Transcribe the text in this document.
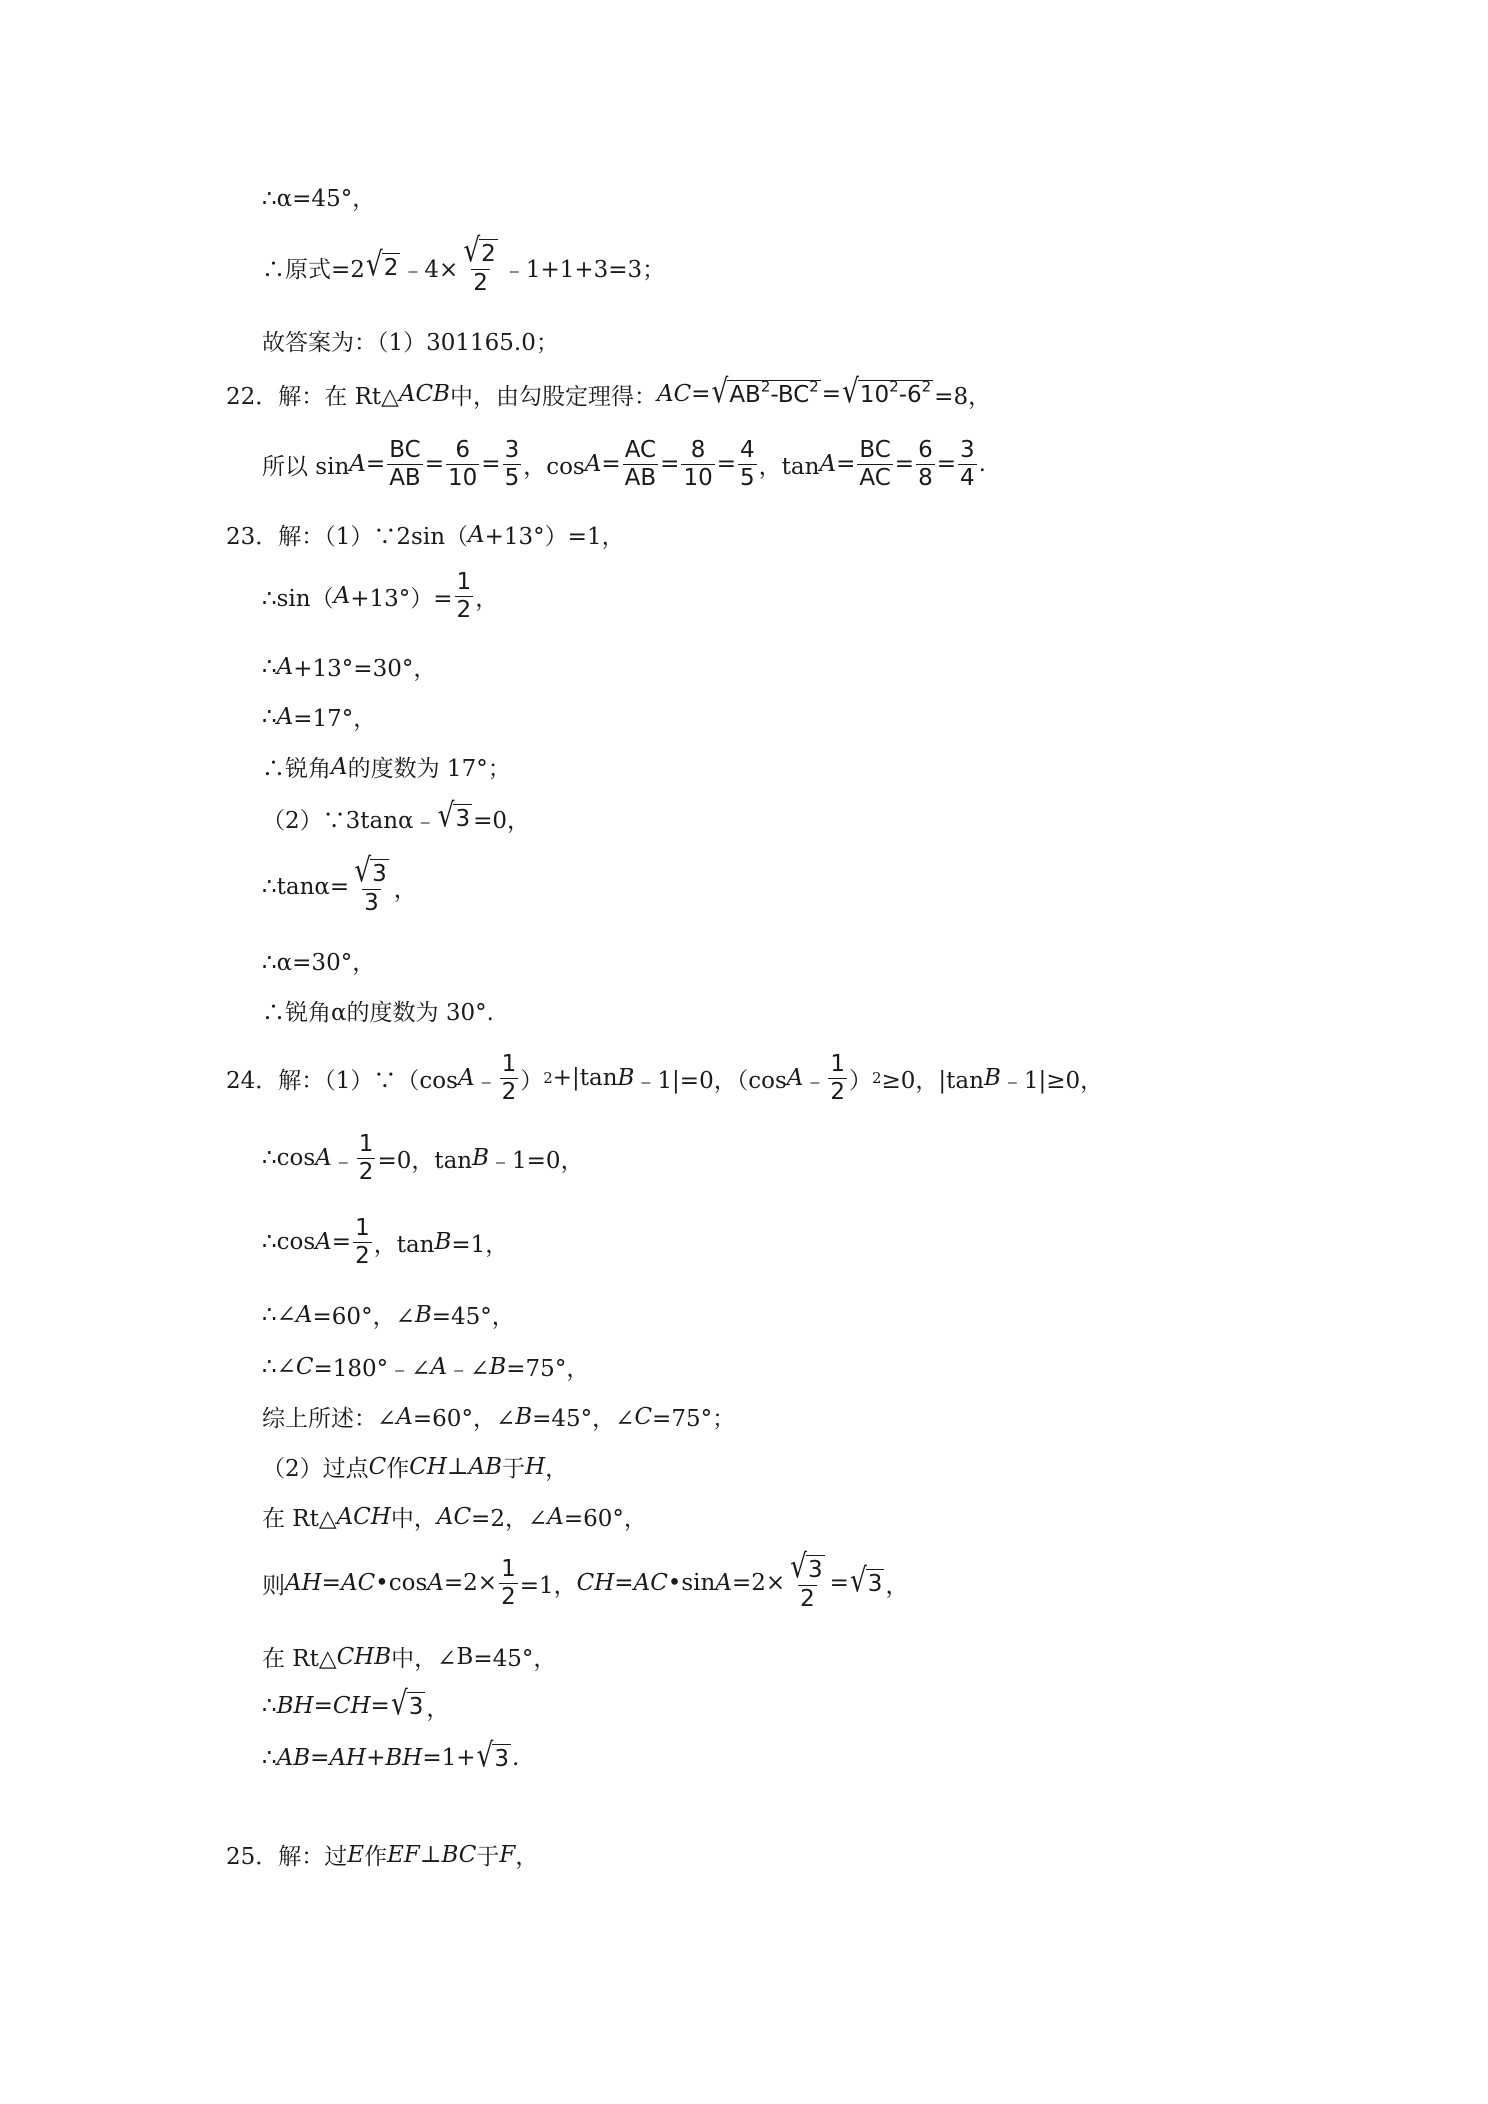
∴α=45°，
∴原式=2 √ 2 ﹣4× $\frac{√ 2}{2}$ ﹣1+1+3=3；
故答案为：（1）301165.0；
22．解：在 Rt△ ACB 中，由勾股定理得： AC = √ $AB^2-BC^2$ = √ $10^2-6^2 =8$，
所以 $\sin A = \frac{BC}{AB} = \frac{6}{10} = \frac{3}{5}$ ，$\cos A = \frac{AC}{AB} = \frac{8}{10} = \frac{4}{5}$ ，$\tan A = \frac{BC}{AC} = \frac{6}{8} = \frac{3}{4}$ .
23．解：（1）∵2sin（ A +13°）=1，
∴sin（ $A +13^\circ)= \frac{1}{2}$ ，
∴ A +13°=30°，
∴ A =17°，
∴锐角 A 的度数为 17°；
（2）∵3tanα﹣ √ 3 =0，
∴tanα= $\frac{√ 3}{3}$ ，
∴α=30°，
∴锐角α的度数为 30°.
24．解：（1）∵（cos A ﹣
1
2 ） 2 +|tan B ﹣1|=0，（cos A ﹣
1
2 ） 2 ≥0，|tan B ﹣1|≥0，
∴cos A ﹣ $\frac{1}{2} =0$，tan B ﹣1=0，
∴cos $A = \frac{1}{2}$ ，tan B =1，
∴∠ A =60°，∠ B =45°，
∴∠ C =180°﹣∠ A ﹣∠ B =75°，
综上所述：∠ A =60°，∠ B =45°，∠ C =75°；
（2）过点 C 作 CH ⊥ AB 于 H ，
在 Rt△ ACH 中， AC =2，∠ A =60°，
则 AH = AC •cos $A =2\times \frac{1}{2} =1$， CH = AC •sin $A =2\times \frac{√ 3}{2}$ = √ 3 ，
在 Rt△ CHB 中，∠ B =45°，
∴ BH = CH = √ 3 ，
∴ AB = AH + BH =1+ √ 3 .
25．解：过 E 作 EF ⊥ BC 于 F ，
